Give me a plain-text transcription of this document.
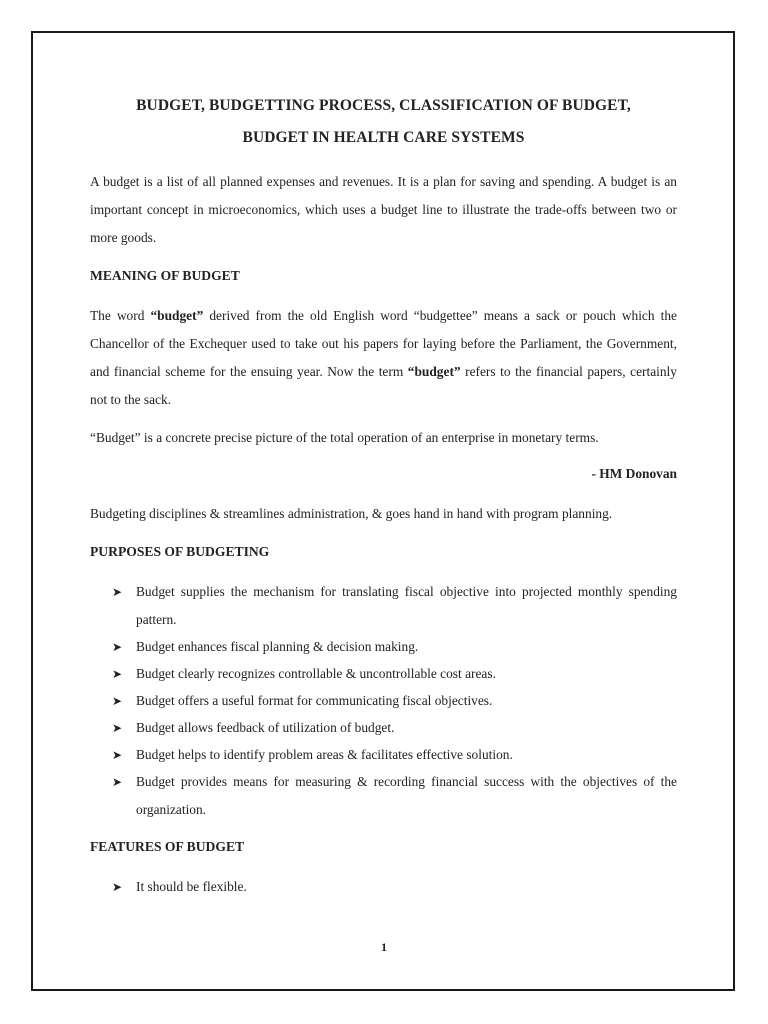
BUDGET, BUDGETTING PROCESS, CLASSIFICATION OF BUDGET,
BUDGET IN HEALTH CARE SYSTEMS

A budget is a list of all planned expenses and revenues. It is a plan for saving and spending. A budget is an important concept in microeconomics, which uses a budget line to illustrate the trade-offs between two or more goods.

MEANING OF BUDGET

The word “budget” derived from the old English word “budgettee” means a sack or pouch which the Chancellor of the Exchequer used to take out his papers for laying before the Parliament, the Government, and financial scheme for the ensuing year. Now the term “budget” refers to the financial papers, certainly not to the sack.

“Budget” is a concrete precise picture of the total operation of an enterprise in monetary terms.

- HM Donovan

Budgeting disciplines & streamlines administration, & goes hand in hand with program planning.

PURPOSES OF BUDGETING
➤ Budget supplies the mechanism for translating fiscal objective into projected monthly spending pattern.
➤ Budget enhances fiscal planning & decision making.
➤ Budget clearly recognizes controllable & uncontrollable cost areas.
➤ Budget offers a useful format for communicating fiscal objectives.
➤ Budget allows feedback of utilization of budget.
➤ Budget helps to identify problem areas & facilitates effective solution.
➤ Budget provides means for measuring & recording financial success with the objectives of the organization.
FEATURES OF BUDGET
➤ It should be flexible.
1
